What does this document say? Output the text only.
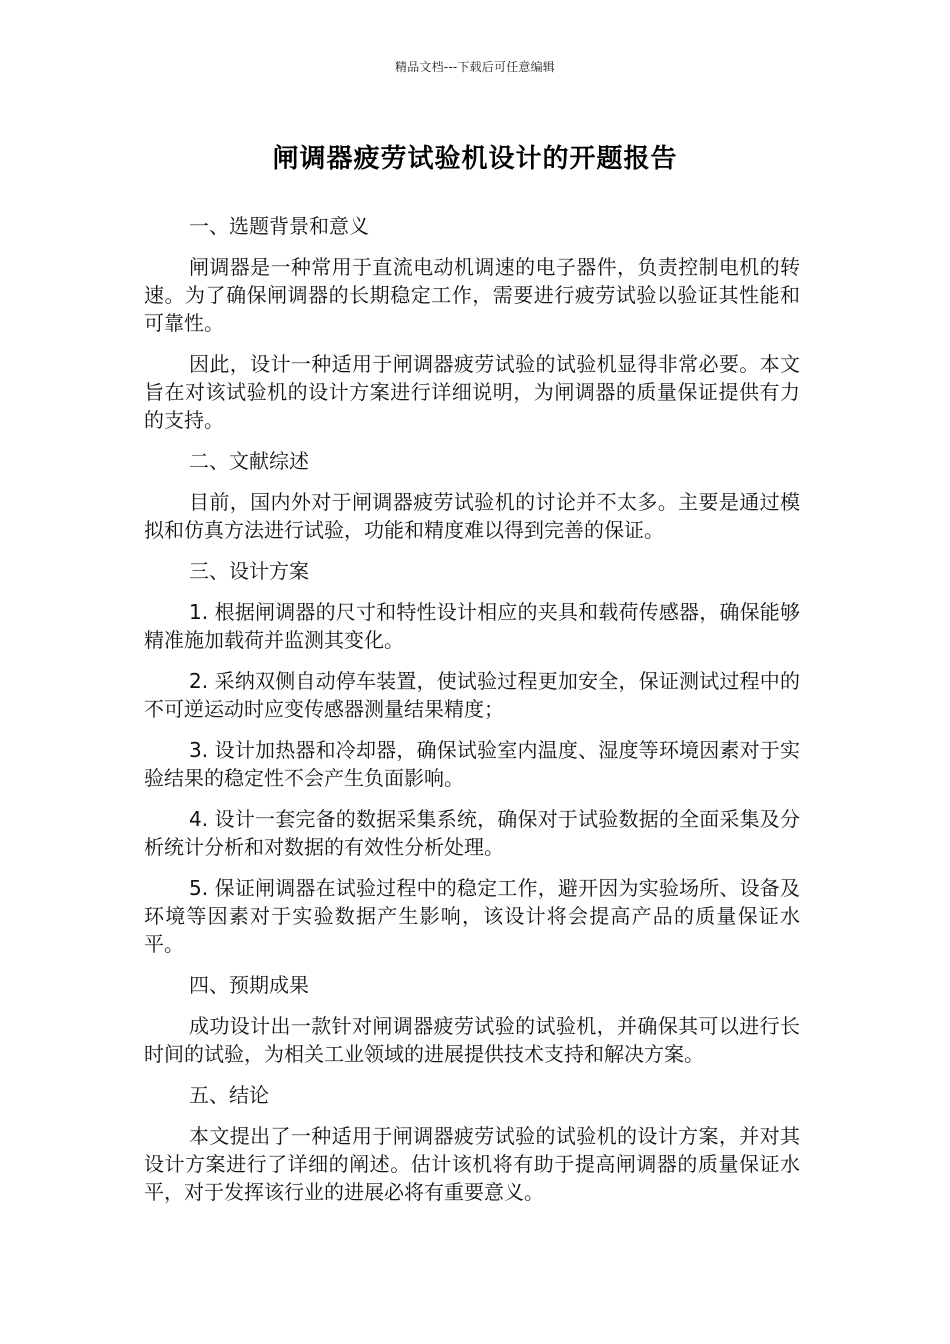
精品文档---下载后可任意编辑
闸调器疲劳试验机设计的开题报告

一、选题背景和意义

闸调器是一种常用于直流电动机调速的电子器件，负责控制电机的转速。为了确保闸调器的长期稳定工作，需要进行疲劳试验以验证其性能和可靠性。

因此，设计一种适用于闸调器疲劳试验的试验机显得非常必要。本文旨在对该试验机的设计方案进行详细说明，为闸调器的质量保证提供有力的支持。

二、文献综述

目前，国内外对于闸调器疲劳试验机的讨论并不太多。主要是通过模拟和仿真方法进行试验，功能和精度难以得到完善的保证。

三、设计方案

1. 根据闸调器的尺寸和特性设计相应的夹具和载荷传感器，确保能够精准施加载荷并监测其变化。

2. 采纳双侧自动停车装置，使试验过程更加安全，保证测试过程中的不可逆运动时应变传感器测量结果精度；

3. 设计加热器和冷却器，确保试验室内温度、湿度等环境因素对于实验结果的稳定性不会产生负面影响。

4. 设计一套完备的数据采集系统，确保对于试验数据的全面采集及分析统计分析和对数据的有效性分析处理。

5. 保证闸调器在试验过程中的稳定工作，避开因为实验场所、设备及环境等因素对于实验数据产生影响，该设计将会提高产品的质量保证水平。

四、预期成果

成功设计出一款针对闸调器疲劳试验的试验机，并确保其可以进行长时间的试验，为相关工业领域的进展提供技术支持和解决方案。

五、结论

本文提出了一种适用于闸调器疲劳试验的试验机的设计方案，并对其设计方案进行了详细的阐述。估计该机将有助于提高闸调器的质量保证水平，对于发挥该行业的进展必将有重要意义。
